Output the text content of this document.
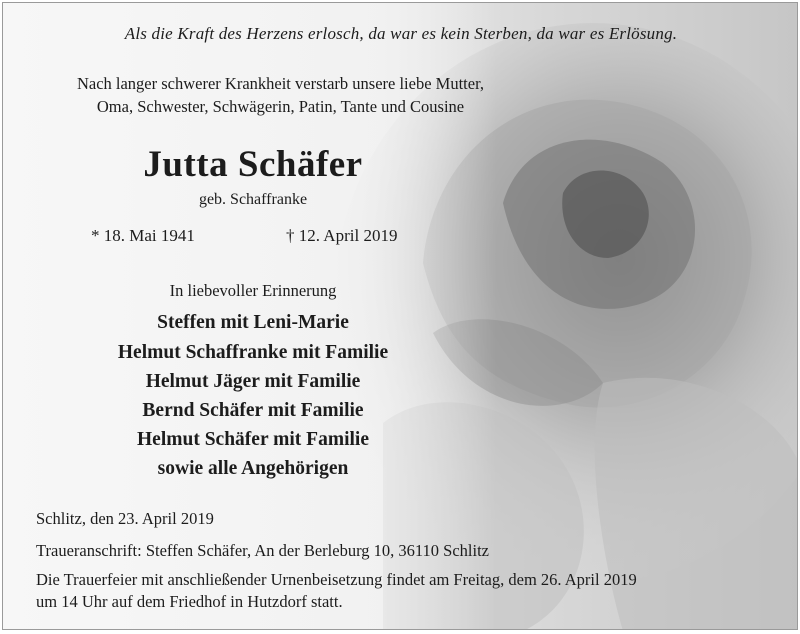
Als die Kraft des Herzens erlosch, da war es kein Sterben, da war es Erlösung.
Nach langer schwerer Krankheit verstarb unsere liebe Mutter,
Oma, Schwester, Schwägerin, Patin, Tante und Cousine
Jutta Schäfer
geb. Schaffranke
* 18. Mai 1941	† 12. April 2019
In liebevoller Erinnerung
Steffen mit Leni-Marie
Helmut Schaffranke mit Familie
Helmut Jäger mit Familie
Bernd Schäfer mit Familie
Helmut Schäfer mit Familie
sowie alle Angehörigen
Schlitz, den 23. April 2019
Traueranschrift: Steffen Schäfer, An der Berleburg 10, 36110 Schlitz
Die Trauerfeier mit anschließender Urnenbeisetzung findet am Freitag, dem 26. April 2019
um 14 Uhr auf dem Friedhof in Hutzdorf statt.
